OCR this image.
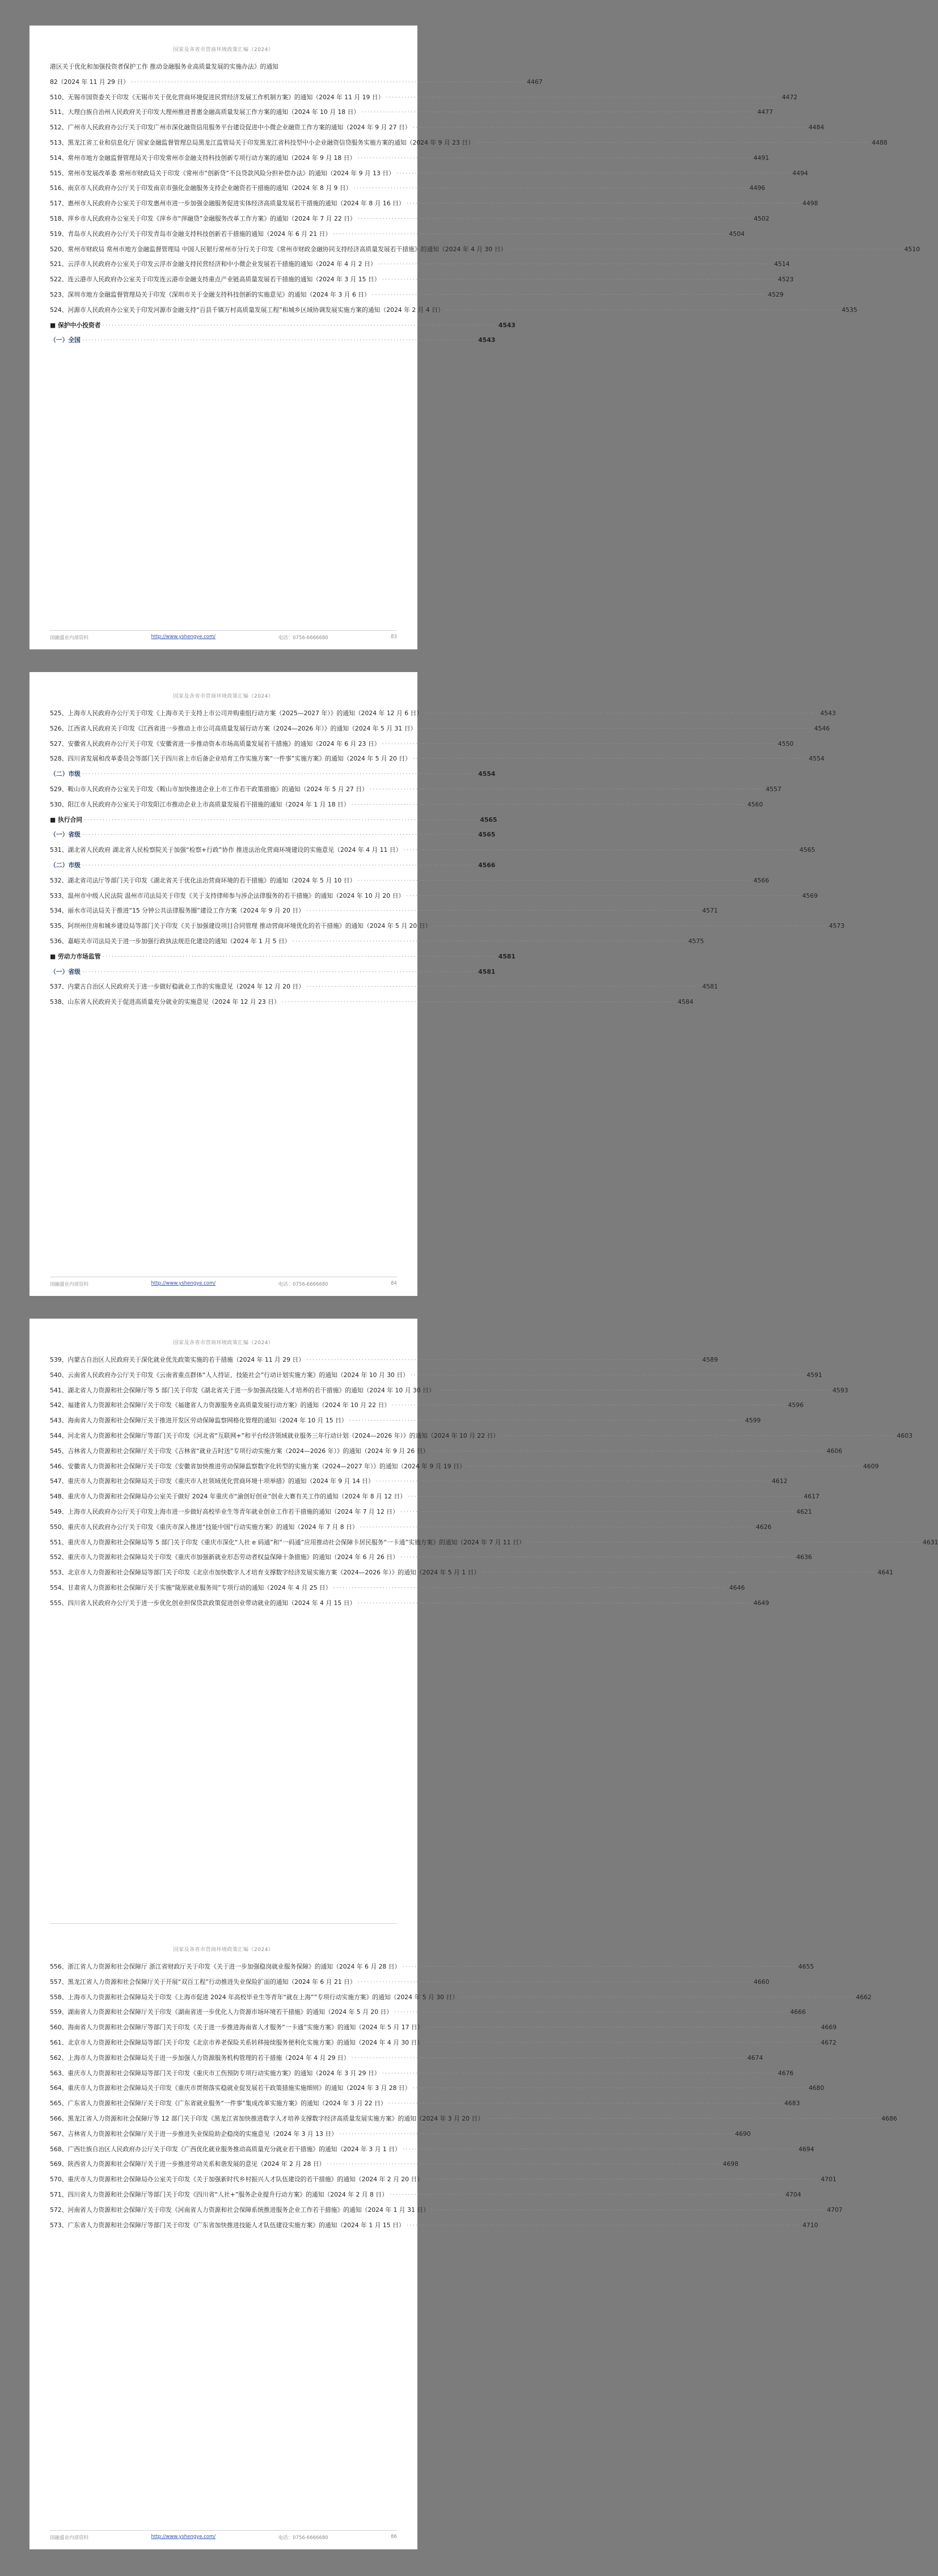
国家及各省市营商环境政策汇编（2024）
港区关于优化和加强投资者保护工作 推动金融服务业高质量发展的实施办法》的通知
82（2024 年 11 月 29 日） ·····	4467
510、无锡市国资委关于印发《无锡市关于优化营商环境促进民营经济发展工作机制方案》的通知（2024 年 11 月 19 日） ·····	4472
511、大理白族自治州人民政府关于印发大理州推进普惠金融高质量发展工作方案的通知（2024 年 10 月 18 日） ·····	4477
512、广州市人民政府办公厅关于印发广州市深化融资信用服务平台建设促进中小微企业融资工作方案的通知（2024 年 9 月 27 日） ·····	4484
513、黑龙江省工业和信息化厅 国家金融监督管理总局黑龙江监管局关于印发黑龙江省科技型中小企业融资信贷服务实施方案的通知（2024 年 9 月 23 日） ·····	4488
514、常州市地方金融监督管理局关于印发常州市金融支持科技创新专项行动方案的通知（2024 年 9 月 18 日） ·····	4491
515、常州市发展改革委 常州市财政局关于印发《常州市“创新贷”不良贷款风险分担补偿办法》的通知（2024 年 9 月 13 日） ·····	4494
516、南京市人民政府办公厅关于印发南京市强化金融服务支持企业融资若干措施的通知（2024 年 8 月 9 日） ·····	4496
517、惠州市人民政府办公室关于印发惠州市进一步加强金融服务促进实体经济高质量发展若干措施的通知（2024 年 8 月 16 日） ·····	4498
518、萍乡市人民政府办公室关于印发《萍乡市“萍融贷”金融服务改革工作方案》的通知（2024 年 7 月 22 日） ·····	4502
519、青岛市人民政府办公厅关于印发青岛市金融支持科技创新若干措施的通知（2024 年 6 月 21 日） ·····	4504
520、常州市财政局 常州市地方金融监督管理局 中国人民银行常州市分行关于印发《常州市财政金融协同支持经济高质量发展若干措施》的通知（2024 年 4 月 30 日） ·····	4510
521、云浮市人民政府办公室关于印发云浮市金融支持民营经济和中小微企业发展若干措施的通知（2024 年 4 月 2 日） ·····	4514
522、连云港市人民政府办公室关于印发连云港市金融支持重点产业链高质量发展若干措施的通知（2024 年 3 月 15 日） ·····	4523
523、深圳市地方金融监督管理局关于印发《深圳市关于金融支持科技创新的实施意见》的通知（2024 年 3 月 6 日） ·····	4529
524、河源市人民政府办公室关于印发河源市金融支持“百县千镇万村高质量发展工程”和城乡区域协调发展实施方案的通知（2024 年 2 月 4 日） ·····	4535
■ 保护中小投资者 ·····	4543
（一）全国 ·····	4543
国融盛业内部资料	http://www.yshengye.com/	电话：0756-6666680	83
国家及各省市营商环境政策汇编（2024）
525、上海市人民政府办公厅关于印发《上海市关于支持上市公司并购重组行动方案（2025—2027 年）》的通知（2024 年 12 月 6 日） ·····	4543
526、江西省人民政府关于印发《江西省进一步推动上市公司高质量发展行动方案（2024—2026 年）》的通知（2024 年 5 月 31 日） ·····	4546
527、安徽省人民政府办公厅关于印发《安徽省进一步推动资本市场高质量发展若干措施》的通知（2024 年 6 月 23 日） ·····	4550
528、四川省发展和改革委员会等部门关于四川省上市后备企业培育工作实施方案“一件事”实施方案》的通知（2024 年 5 月 20 日） ·····	4554
（二）市级 ·····	4554
529、鞍山市人民政府办公室关于印发《鞍山市加快推进企业上市工作若干政策措施》的通知（2024 年 5 月 27 日） ·····	4557
530、阳江市人民政府办公室关于印发阳江市推动企业上市高质量发展若干措施的通知（2024 年 1 月 18 日） ·····	4560
■ 执行合同 ·····	4565
（一）省级 ·····	4565
531、湖北省人民政府 湖北省人民检察院关于加强“检察+行政”协作 推进法治化营商环境建设的实施意见（2024 年 4 月 11 日） ·····	4565
（二）市级 ·····	4566
532、湖北省司法厅等部门关于印发《湖北省关于优化法治营商环境的若干措施》的通知（2024 年 5 月 10 日） ·····	4566
533、温州市中级人民法院 温州市司法局关于印发《关于支持律师参与涉企法律服务的若干措施》的通知（2024 年 10 月 20 日） ·····	4569
534、丽水市司法局关于推进“15 分钟公共法律服务圈”建设工作方案（2024 年 9 月 20 日） ·····	4571
535、阿坝州住房和城乡建设局等部门关于印发《关于加强建设项目合同管理 推动营商环境优化的若干措施》的通知（2024 年 5 月 20 日） ·····	4573
536、嘉峪关市司法局关于进一步加强行政执法规范化建设的通知（2024 年 1 月 5 日） ·····	4575
■ 劳动力市场监管 ·····	4581
（一）省级 ·····	4581
537、内蒙古自治区人民政府关于进一步做好稳就业工作的实施意见（2024 年 12 月 20 日） ·····	4581
538、山东省人民政府关于促进高质量充分就业的实施意见（2024 年 12 月 23 日） ·····	4584
国融盛业内部资料	http://www.yshengye.com/	电话：0756-6666680	84
国家及各省市营商环境政策汇编（2024）
539、内蒙古自治区人民政府关于深化就业优先政策实施的若干措施（2024 年 11 月 29 日） ·····	4589
540、云南省人民政府办公厅关于印发《云南省重点群体“人人持证、技能社会”行动计划实施方案》的通知（2024 年 10 月 30 日） ·····	4591
541、湖北省人力资源和社会保障厅等 5 部门关于印发《湖北省关于进一步加强高技能人才培养的若干措施》的通知（2024 年 10 月 30 日） ·····	4593
542、福建省人力资源和社会保障厅关于印发《福建省人力资源服务业高质量发展行动方案》的通知（2024 年 10 月 22 日） ·····	4596
543、海南省人力资源和社会保障厅关于推进开发区劳动保障监察网格化管理的通知（2024 年 10 月 15 日） ·····	4599
544、河北省人力资源和社会保障厅等部门关于印发《河北省“互联网+”和平台经济领域就业服务三年行动计划（2024—2026 年）》的通知（2024 年 10 月 22 日） ·····	4603
545、吉林省人力资源和社会保障厅关于印发《吉林省“就业吉时送”专项行动实施方案（2024—2026 年）》的通知（2024 年 9 月 26 日） ·····	4606
546、安徽省人力资源和社会保障厅关于印发《安徽省加快推进劳动保障监察数字化转型的实施方案（2024—2027 年）》的通知（2024 年 9 月 19 日） ·····	4609
547、重庆市人力资源和社会保障局关于印发《重庆市人社领域优化营商环境十项举措》的通知（2024 年 9 月 14 日） ·····	4612
548、重庆市人力资源和社会保障局办公室关于做好 2024 年重庆市“渝创好创业”创业大赛有关工作的通知（2024 年 8 月 12 日） ·····	4617
549、上海市人民政府办公厅关于印发上海市进一步做好高校毕业生等青年就业创业工作若干措施的通知（2024 年 7 月 12 日） ·····	4621
550、重庆市人民政府办公厅关于印发《重庆市深入推进“技能中国”行动实施方案》的通知（2024 年 7 月 8 日） ·····	4626
551、重庆市人力资源和社会保障局等 5 部门关于印发《重庆市深化“人社 e 码通”和“一码通”应用推动社会保障卡居民服务“一卡通”实施方案》的通知（2024 年 7 月 11 日） ·····	4631
552、重庆市人力资源和社会保障局关于印发《重庆市加强新就业形态劳动者权益保障十条措施》的通知（2024 年 6 月 26 日） ·····	4636
553、北京市人力资源和社会保障局等部门关于印发《北京市加快数字人才培育支撑数字经济发展实施方案（2024—2026 年）》的通知（2024 年 5 月 1 日） ·····	4641
554、甘肃省人力资源和社会保障厅关于实施“陇原就业服务周”专项行动的通知（2024 年 4 月 25 日） ·····	4646
555、四川省人民政府办公厅关于进一步优化创业担保贷款政策促进创业带动就业的通知（2024 年 4 月 15 日） ·····	4649
国家及各省市营商环境政策汇编（2024）
556、浙江省人力资源和社会保障厅 浙江省财政厅关于印发《关于进一步加强稳岗就业服务保障》的通知（2024 年 6 月 28 日） ·····	4655
557、黑龙江省人力资源和社会保障厅关于开展“双百工程”行动推进失业保险扩面的通知（2024 年 6 月 21 日） ·····	4660
558、上海市人力资源和社会保障局关于印发《上海市促进 2024 年高校毕业生等青年“就在上海””专项行动实施方案》的通知（2024 年 5 月 30 日） ·····	4662
559、湖南省人力资源和社会保障厅关于印发《湖南省进一步优化人力资源市场环境若干措施》的通知（2024 年 5 月 20 日） ·····	4666
560、海南省人力资源和社会保障厅等部门关于印发《关于进一步推进海南省人才服务“一卡通”实施方案》的通知（2024 年 5 月 17 日） ·····	4669
561、北京市人力资源和社会保障局等部门关于印发《北京市养老保险关系转移接续服务便利化实施方案》的通知（2024 年 4 月 30 日） ·····	4672
562、上海市人力资源和社会保障局关于进一步加强人力资源服务机构管理的若干措施（2024 年 4 月 29 日） ·····	4674
563、重庆市人力资源和社会保障局等部门关于印发《重庆市工伤预防专项行动实施方案》的通知（2024 年 3 月 29 日） ·····	4676
564、重庆市人力资源和社会保障局关于印发《重庆市贯彻落实稳就业促发展若干政策措施实施细则》的通知（2024 年 3 月 28 日） ·····	4680
565、广东省人力资源和社会保障厅关于印发《广东省就业服务“一件事”集成改革实施方案》的通知（2024 年 3 月 22 日） ·····	4683
566、黑龙江省人力资源和社会保障厅等 12 部门关于印发《黑龙江省加快推进数字人才培养支撑数字经济高质量发展实施方案》的通知（2024 年 3 月 20 日） ·····	4686
567、吉林省人力资源和社会保障厅关于进一步推进失业保险助企稳岗的实施意见（2024 年 3 月 13 日） ·····	4690
568、广西壮族自治区人民政府办公厅关于印发《广西优化就业服务推动高质量充分就业若干措施》的通知（2024 年 3 月 1 日） ·····	4694
569、陕西省人力资源和社会保障厅关于进一步推进劳动关系和谐发展的意见（2024 年 2 月 28 日） ·····	4698
570、重庆市人力资源和社会保障局办公室关于印发《关于加强新时代乡村振兴人才队伍建设的若干措施》的通知（2024 年 2 月 20 日） ·····	4701
571、四川省人力资源和社会保障厅等部门关于印发《四川省“人社+”服务企业提升行动方案》的通知（2024 年 2 月 8 日） ·····	4704
572、河南省人力资源和社会保障厅关于印发《河南省人力资源和社会保障系统推进服务企业工作若干措施》的通知（2024 年 1 月 31 日） ·····	4707
573、广东省人力资源和社会保障厅等部门关于印发《广东省加快推进技能人才队伍建设实施方案》的通知（2024 年 1 月 15 日） ·····	4710
国融盛业内部资料	http://www.yshengye.com/	电话：0756-6666680	86
